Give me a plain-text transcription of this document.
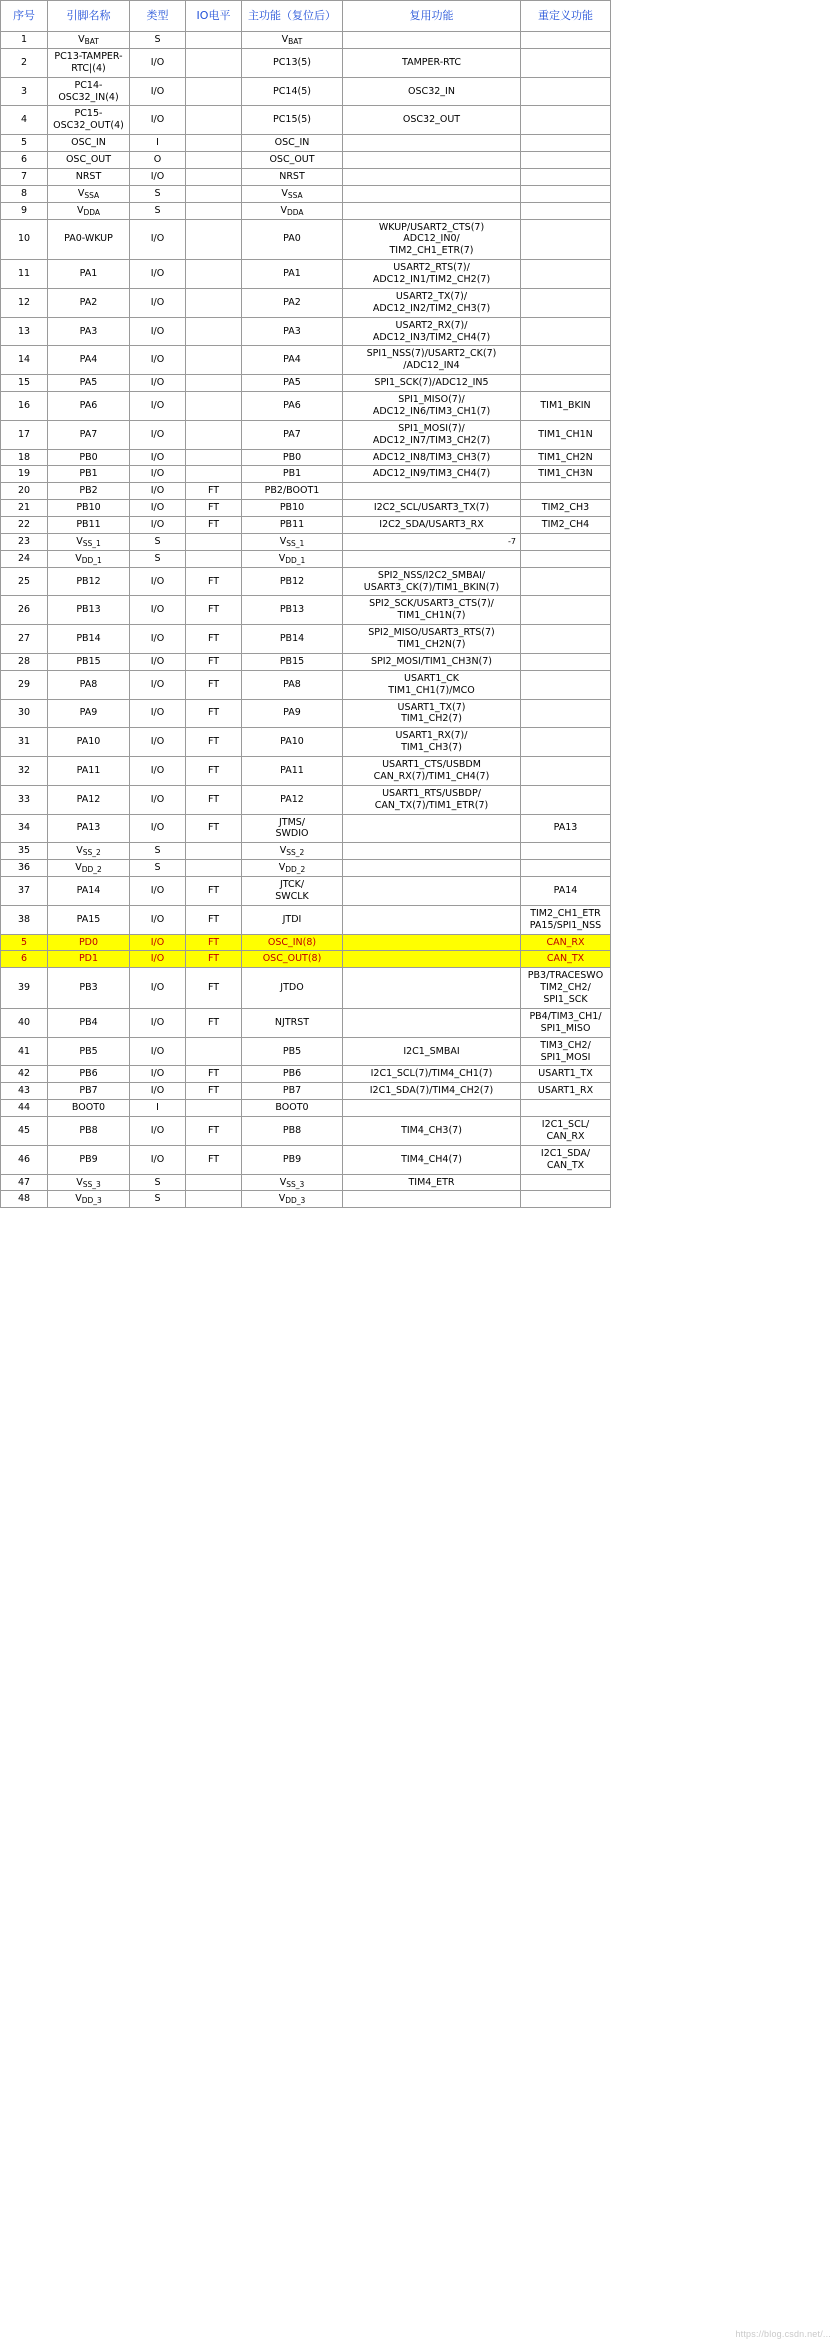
序号	引脚名称	类型	IO电平	主功能（复位后）	复用功能	重定义功能
1	$V_{BAT}$	S		$V_{BAT}$		
2	PC13-TAMPER-RTC|(4)	I/O		PC13(5)	TAMPER-RTC	
3	PC14-OSC32_IN(4)	I/O		PC14(5)	OSC32_IN	
4	PC15-OSC32_OUT(4)	I/O		PC15(5)	OSC32_OUT	
5	OSC_IN	I		OSC_IN		
6	OSC_OUT	O		OSC_OUT		
7	NRST	I/O		NRST		
8	$V_{SSA}$	S		$V_{SSA}$		
9	$V_{DDA}$	S		$V_{DDA}$		
10	PA0-WKUP	I/O		PA0	WKUP/USART2_CTS(7)
ADC12_IN0/
TIM2_CH1_ETR(7)	
11	PA1	I/O		PA1	USART2_RTS(7)/
ADC12_IN1/TIM2_CH2(7)	
12	PA2	I/O		PA2	USART2_TX(7)/
ADC12_IN2/TIM2_CH3(7)	
13	PA3	I/O		PA3	USART2_RX(7)/
ADC12_IN3/TIM2_CH4(7)	
14	PA4	I/O		PA4	SPI1_NSS(7)/USART2_CK(7)
/ADC12_IN4	
15	PA5	I/O		PA5	SPI1_SCK(7)/ADC12_IN5	
16	PA6	I/O		PA6	SPI1_MISO(7)/
ADC12_IN6/TIM3_CH1(7)	TIM1_BKIN
17	PA7	I/O		PA7	SPI1_MOSI(7)/
ADC12_IN7/TIM3_CH2(7)	TIM1_CH1N
18	PB0	I/O		PB0	ADC12_IN8/TIM3_CH3(7)	TIM1_CH2N
19	PB1	I/O		PB1	ADC12_IN9/TIM3_CH4(7)	TIM1_CH3N
20	PB2	I/O	FT	PB2/BOOT1		
21	PB10	I/O	FT	PB10	I2C2_SCL/USART3_TX(7)	TIM2_CH3
22	PB11	I/O	FT	PB11	I2C2_SDA/USART3_RX	TIM2_CH4
23	$V_{SS\_1}$	S		$V_{SS\_1}$	-7	

24	$V_{DD\_1}$	S		$V_{DD\_1}$		
25	PB12	I/O	FT	PB12	SPI2_NSS/I2C2_SMBAI/
USART3_CK(7)/TIM1_BKIN(7)	
26	PB13	I/O	FT	PB13	SPI2_SCK/USART3_CTS(7)/
TIM1_CH1N(7)	
27	PB14	I/O	FT	PB14	SPI2_MISO/USART3_RTS(7)
TIM1_CH2N(7)	
28	PB15	I/O	FT	PB15	SPI2_MOSI/TIM1_CH3N(7)	
29	PA8	I/O	FT	PA8	USART1_CK
TIM1_CH1(7)/MCO	
30	PA9	I/O	FT	PA9	USART1_TX(7)
TIM1_CH2(7)	
31	PA10	I/O	FT	PA10	USART1_RX(7)/
TIM1_CH3(7)	
32	PA11	I/O	FT	PA11	USART1_CTS/USBDM
CAN_RX(7)/TIM1_CH4(7)	
33	PA12	I/O	FT	PA12	USART1_RTS/USBDP/
CAN_TX(7)/TIM1_ETR(7)	
34	PA13	I/O	FT	JTMS/
SWDIO		PA13
35	$V_{SS\_2}$	S		$V_{SS\_2}$		
36	$V_{DD\_2}$	S		$V_{DD\_2}$		
37	PA14	I/O	FT	JTCK/
SWCLK		PA14
38	PA15	I/O	FT	JTDI		TIM2_CH1_ETR
PA15/SPI1_NSS
5	PD0	I/O	FT	OSC_IN(8)		CAN_RX
6	PD1	I/O	FT	OSC_OUT(8)		CAN_TX
39	PB3	I/O	FT	JTDO		PB3/TRACESWO
TIM2_CH2/
SPI1_SCK
40	PB4	I/O	FT	NJTRST		PB4/TIM3_CH1/
SPI1_MISO
41	PB5	I/O		PB5	I2C1_SMBAI	TIM3_CH2/
SPI1_MOSI
42	PB6	I/O	FT	PB6	I2C1_SCL(7)/TIM4_CH1(7)	USART1_TX
43	PB7	I/O	FT	PB7	I2C1_SDA(7)/TIM4_CH2(7)	USART1_RX
44	BOOT0	I		BOOT0		
45	PB8	I/O	FT	PB8	TIM4_CH3(7)	I2C1_SCL/
CAN_RX
46	PB9	I/O	FT	PB9	TIM4_CH4(7)	I2C1_SDA/
CAN_TX
47	$V_{SS\_3}$	S		$V_{SS\_3}$	TIM4_ETR	
48	$V_{DD\_3}$	S		$V_{DD\_3}$		
https://blog.csdn.net/...
